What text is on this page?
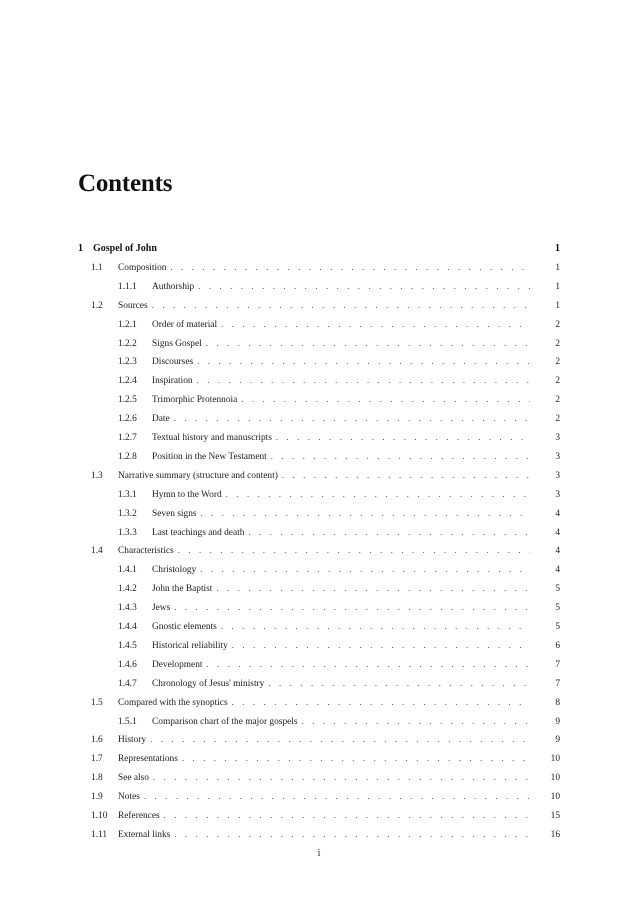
Contents
1	Gospel of John	1
1.1	Composition . . .	1
1.1.1	Authorship . . .	1
1.2	Sources . . .	1
1.2.1	Order of material . . .	2
1.2.2	Signs Gospel . . .	2
1.2.3	Discourses . . .	2
1.2.4	Inspiration . . .	2
1.2.5	Trimorphic Protennoia . . .	2
1.2.6	Date . . .	2
1.2.7	Textual history and manuscripts . . .	3
1.2.8	Position in the New Testament . . .	3
1.3	Narrative summary (structure and content) . . .	3
1.3.1	Hymn to the Word . . .	3
1.3.2	Seven signs . . .	4
1.3.3	Last teachings and death . . .	4
1.4	Characteristics . . .	4
1.4.1	Christology . . .	4
1.4.2	John the Baptist . . .	5
1.4.3	Jews . . .	5
1.4.4	Gnostic elements . . .	5
1.4.5	Historical reliability . . .	6
1.4.6	Development . . .	7
1.4.7	Chronology of Jesus' ministry . . .	7
1.5	Compared with the synoptics . . .	8
1.5.1	Comparison chart of the major gospels . . .	9
1.6	History . . .	9
1.7	Representations . . .	10
1.8	See also . . .	10
1.9	Notes . . .	10
1.10	References . . .	15
1.11	External links . . .	16
i
